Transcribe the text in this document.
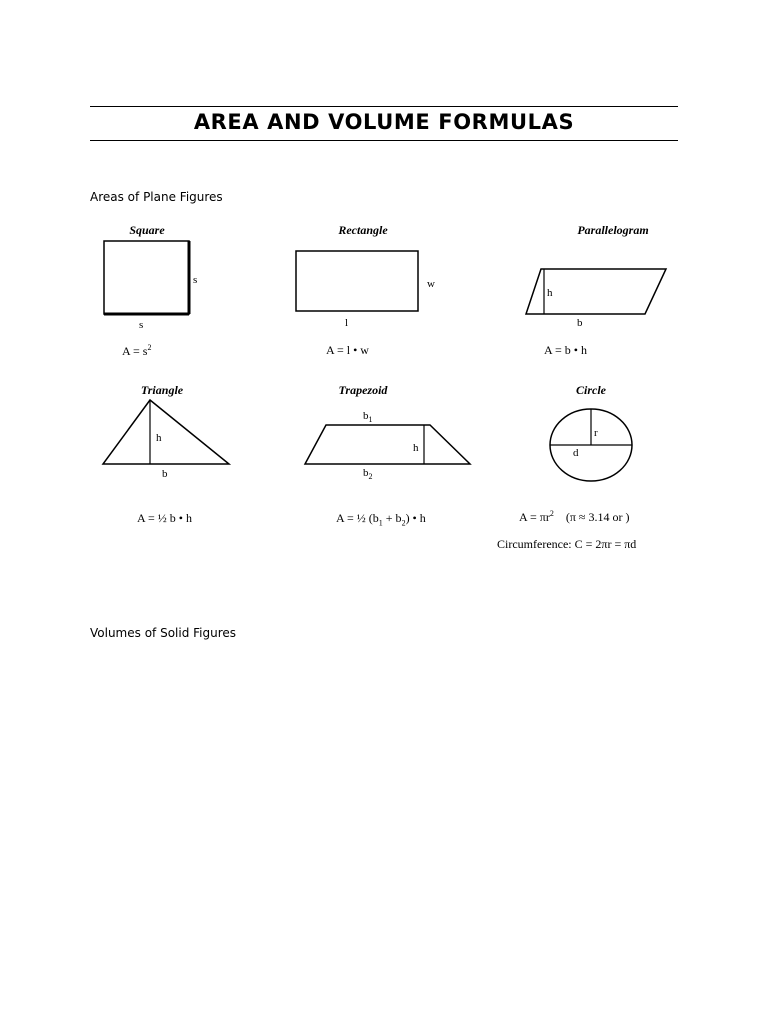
AREA AND VOLUME FORMULAS
Areas of Plane Figures
Square	Rectangle	Parallelogram
Triangle	Trapezoid	Circle
s
s
w
l
h
b
h
b
$b_1$
h
$b_2$
r
d
$A = s^2$	A = l • w	A = b • h
A = ½ b • h	A = ½ $(b_1 + b_2)$ • h	$A = \pi r^2$ (π ≈ 3.14 or )
Circumference: C = 2πr = πd
Volumes of Solid Figures
